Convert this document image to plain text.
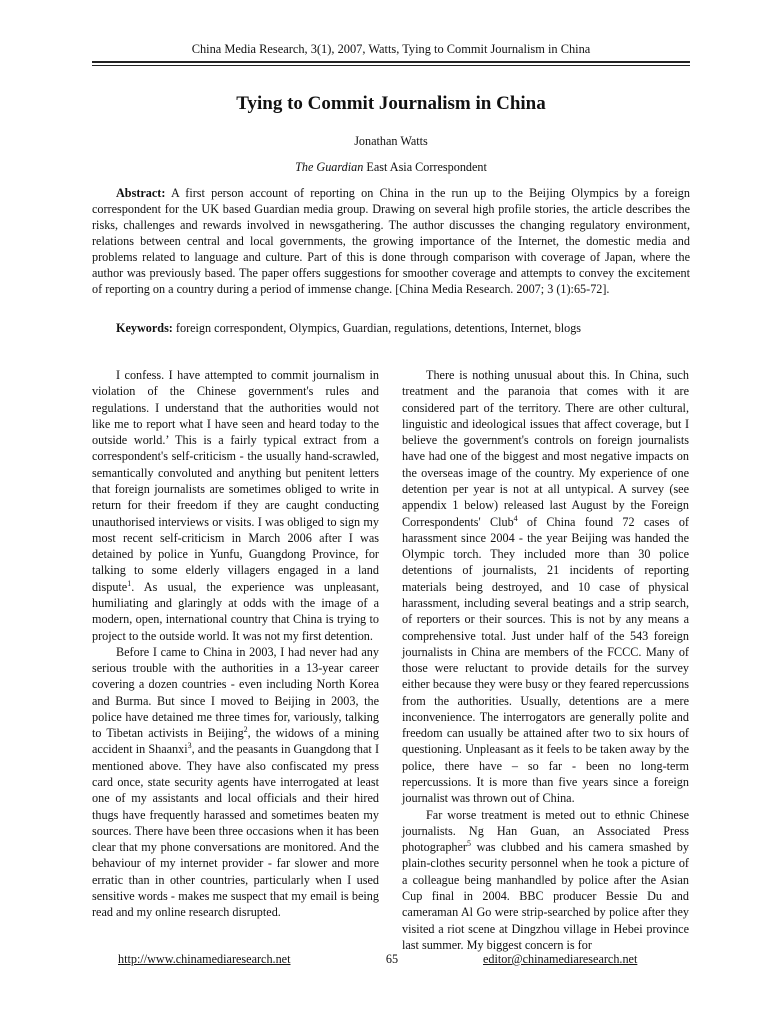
China Media Research, 3(1), 2007, Watts, Tying to Commit Journalism in China
Tying to Commit Journalism in China
Jonathan Watts
The Guardian East Asia Correspondent

Abstract: A first person account of reporting on China in the run up to the Beijing Olympics by a foreign correspondent for the UK based Guardian media group. Drawing on several high profile stories, the article describes the risks, challenges and rewards involved in newsgathering. The author discusses the changing regulatory environment, relations between central and local governments, the growing importance of the Internet, the domestic media and problems related to language and culture. Part of this is done through comparison with coverage of Japan, where the author was previously based. The paper offers suggestions for smoother coverage and attempts to convey the excitement of reporting on a country during a period of immense change. [China Media Research. 2007; 3 (1):65-72].

Keywords: foreign correspondent, Olympics, Guardian, regulations, detentions, Internet, blogs

I confess. I have attempted to commit journalism in violation of the Chinese government's rules and regulations. I understand that the authorities would not like me to report what I have seen and heard today to the outside world.’ This is a fairly typical extract from a correspondent's self-criticism - the usually hand-scrawled, semantically convoluted and anything but penitent letters that foreign journalists are sometimes obliged to write in return for their freedom if they are caught conducting unauthorised interviews or visits. I was obliged to sign my most recent self-criticism in March 2006 after I was detained by police in Yunfu, Guangdong Province, for talking to some elderly villagers engaged in a land dispute$^1$. As usual, the experience was unpleasant, humiliating and glaringly at odds with the image of a modern, open, international country that China is trying to project to the outside world. It was not my first detention.

Before I came to China in 2003, I had never had any serious trouble with the authorities in a 13-year career covering a dozen countries - even including North Korea and Burma. But since I moved to Beijing in 2003, the police have detained me three times for, variously, talking to Tibetan activists in Beijing$^2$, the widows of a mining accident in Shaanxi$^3$, and the peasants in Guangdong that I mentioned above. They have also confiscated my press card once, state security agents have interrogated at least one of my assistants and local officials and their hired thugs have frequently harassed and sometimes beaten my sources. There have been three occasions when it has been clear that my phone conversations are monitored. And the behaviour of my internet provider - far slower and more erratic than in other countries, particularly when I used sensitive words - makes me suspect that my email is being read and my online research disrupted.

There is nothing unusual about this. In China, such treatment and the paranoia that comes with it are considered part of the territory. There are other cultural, linguistic and ideological issues that affect coverage, but I believe the government's controls on foreign journalists have had one of the biggest and most negative impacts on the overseas image of the country. My experience of one detention per year is not at all untypical. A survey (see appendix 1 below) released last August by the Foreign Correspondents' Club$^4$ of China found 72 cases of harassment since 2004 - the year Beijing was handed the Olympic torch. They included more than 30 police detentions of journalists, 21 incidents of reporting materials being destroyed, and 10 case of physical harassment, including several beatings and a strip search, of reporters or their sources. This is not by any means a comprehensive total. Just under half of the 543 foreign journalists in China are members of the FCCC. Many of those were reluctant to provide details for the survey either because they were busy or they feared repercussions from the authorities. Usually, detentions are a mere inconvenience. The interrogators are generally polite and freedom can usually be attained after two to six hours of questioning. Unpleasant as it feels to be taken away by the police, there have – so far - been no long-term repercussions. It is more than five years since a foreign journalist was thrown out of China.

Far worse treatment is meted out to ethnic Chinese journalists. Ng Han Guan, an Associated Press photographer$^5$ was clubbed and his camera smashed by plain-clothes security personnel when he took a picture of a colleague being manhandled by police after the Asian Cup final in 2004. BBC producer Bessie Du and cameraman Al Go were strip-searched by police after they visited a riot scene at Dingzhou village in Hebei province last summer. My biggest concern is for

http://www.chinamediaresearch.net	65	editor@chinamediaresearch.net
